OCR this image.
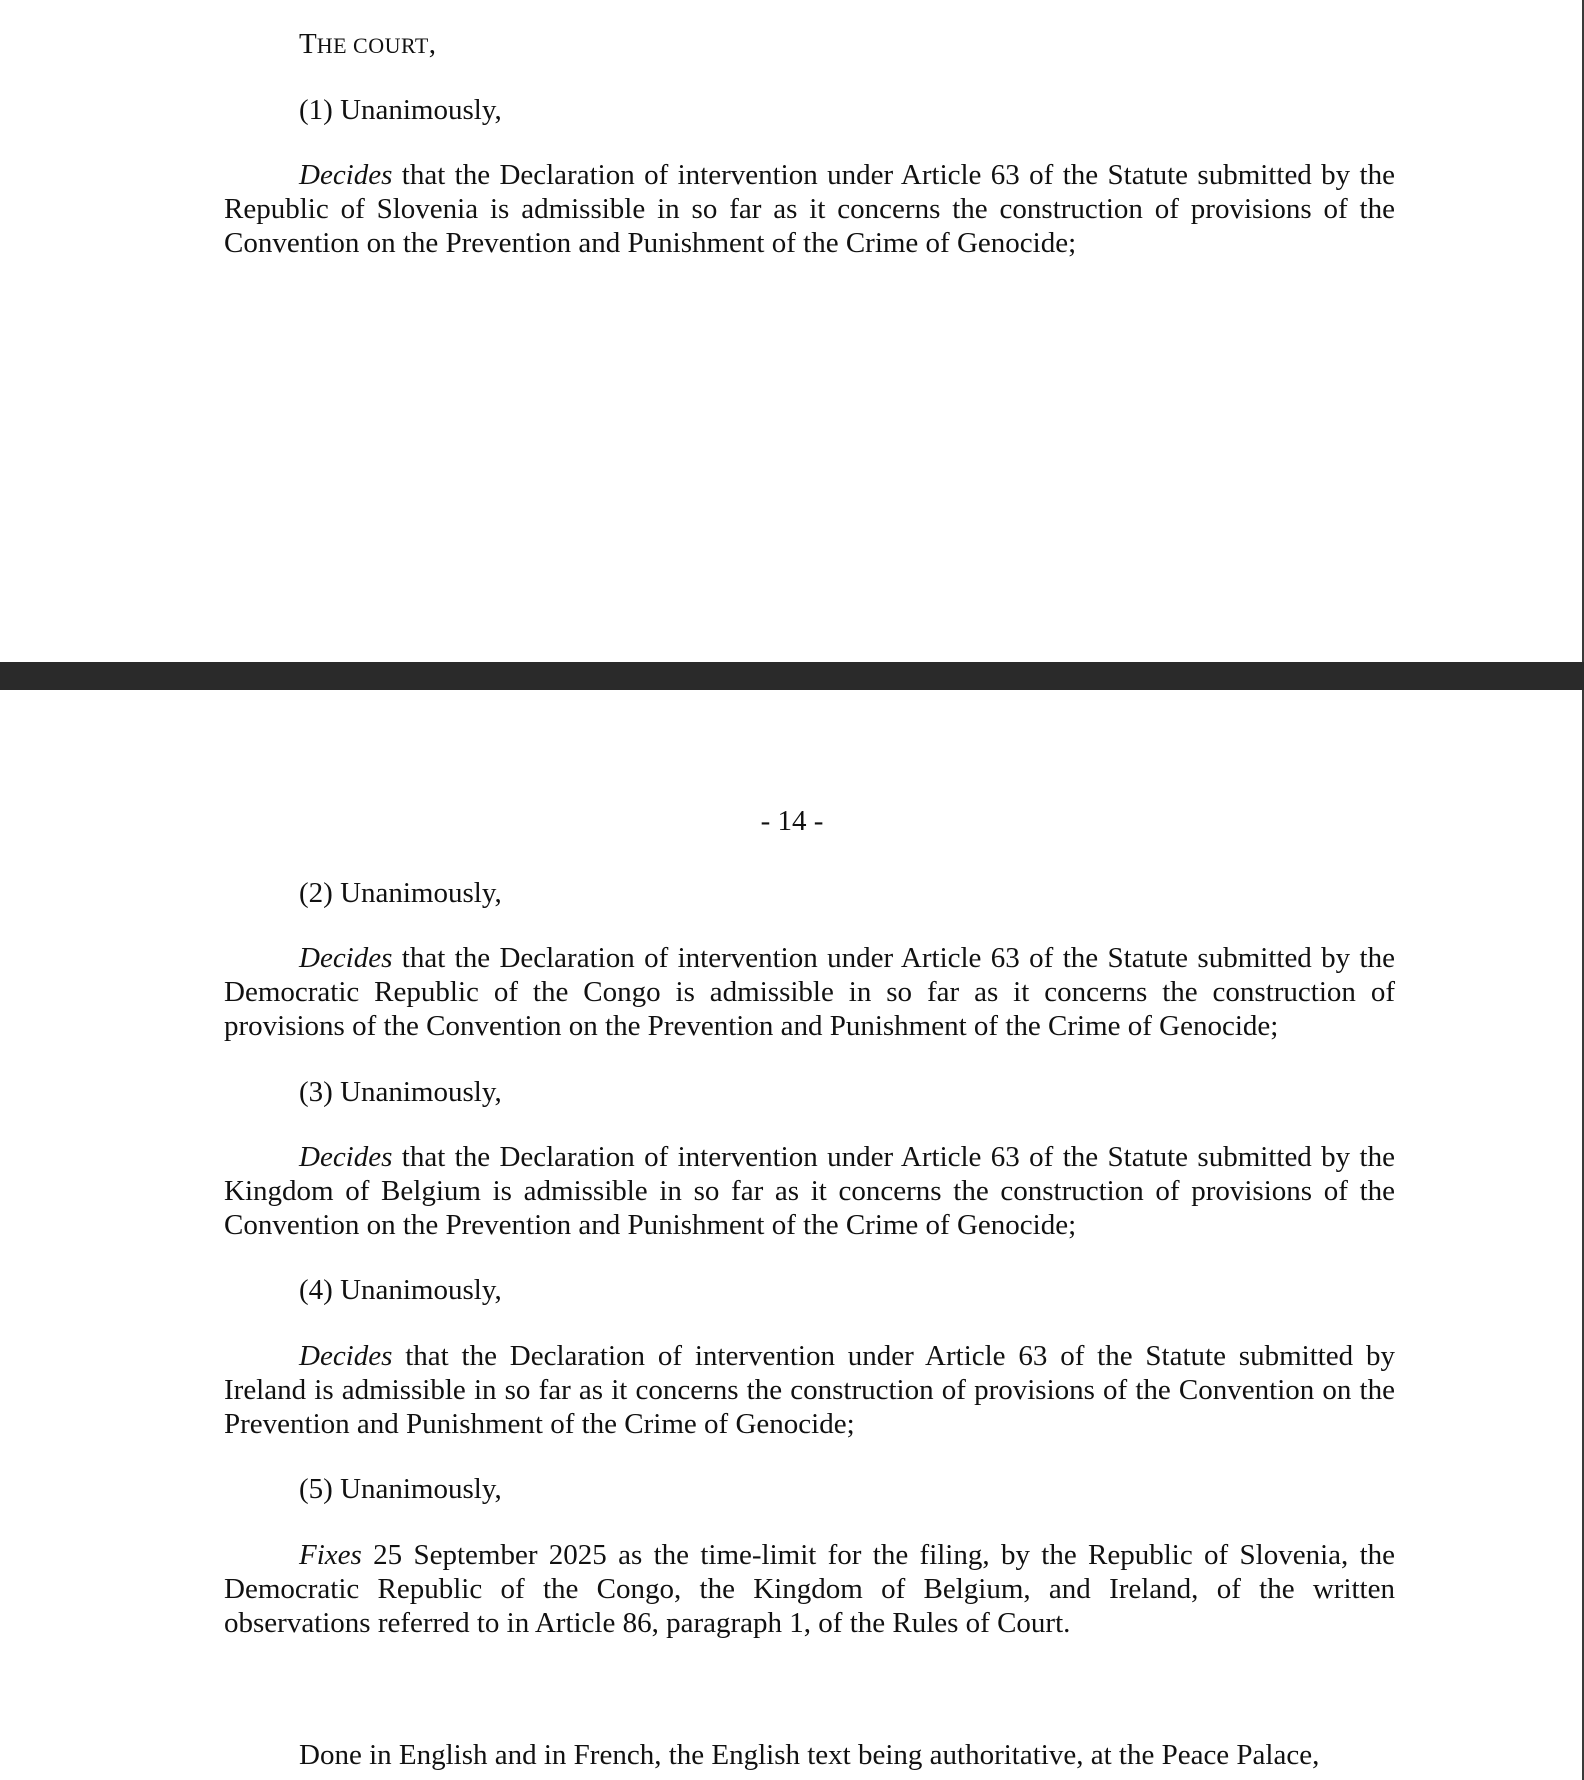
THE COURT,

(1) Unanimously,

Decides that the Declaration of intervention under Article 63 of the Statute submitted by the Republic of Slovenia is admissible in so far as it concerns the construction of provisions of the Convention on the Prevention and Punishment of the Crime of Genocide;

- 14 -

(2) Unanimously,

Decides that the Declaration of intervention under Article 63 of the Statute submitted by the Democratic Republic of the Congo is admissible in so far as it concerns the construction of provisions of the Convention on the Prevention and Punishment of the Crime of Genocide;

(3) Unanimously,

Decides that the Declaration of intervention under Article 63 of the Statute submitted by the Kingdom of Belgium is admissible in so far as it concerns the construction of provisions of the Convention on the Prevention and Punishment of the Crime of Genocide;

(4) Unanimously,

Decides that the Declaration of intervention under Article 63 of the Statute submitted by Ireland is admissible in so far as it concerns the construction of provisions of the Convention on the Prevention and Punishment of the Crime of Genocide;

(5) Unanimously,

Fixes 25 September 2025 as the time-limit for the filing, by the Republic of Slovenia, the Democratic Republic of the Congo, the Kingdom of Belgium, and Ireland, of the written observations referred to in Article 86, paragraph 1, of the Rules of Court.

Done in English and in French, the English text being authoritative, at the Peace Palace,
